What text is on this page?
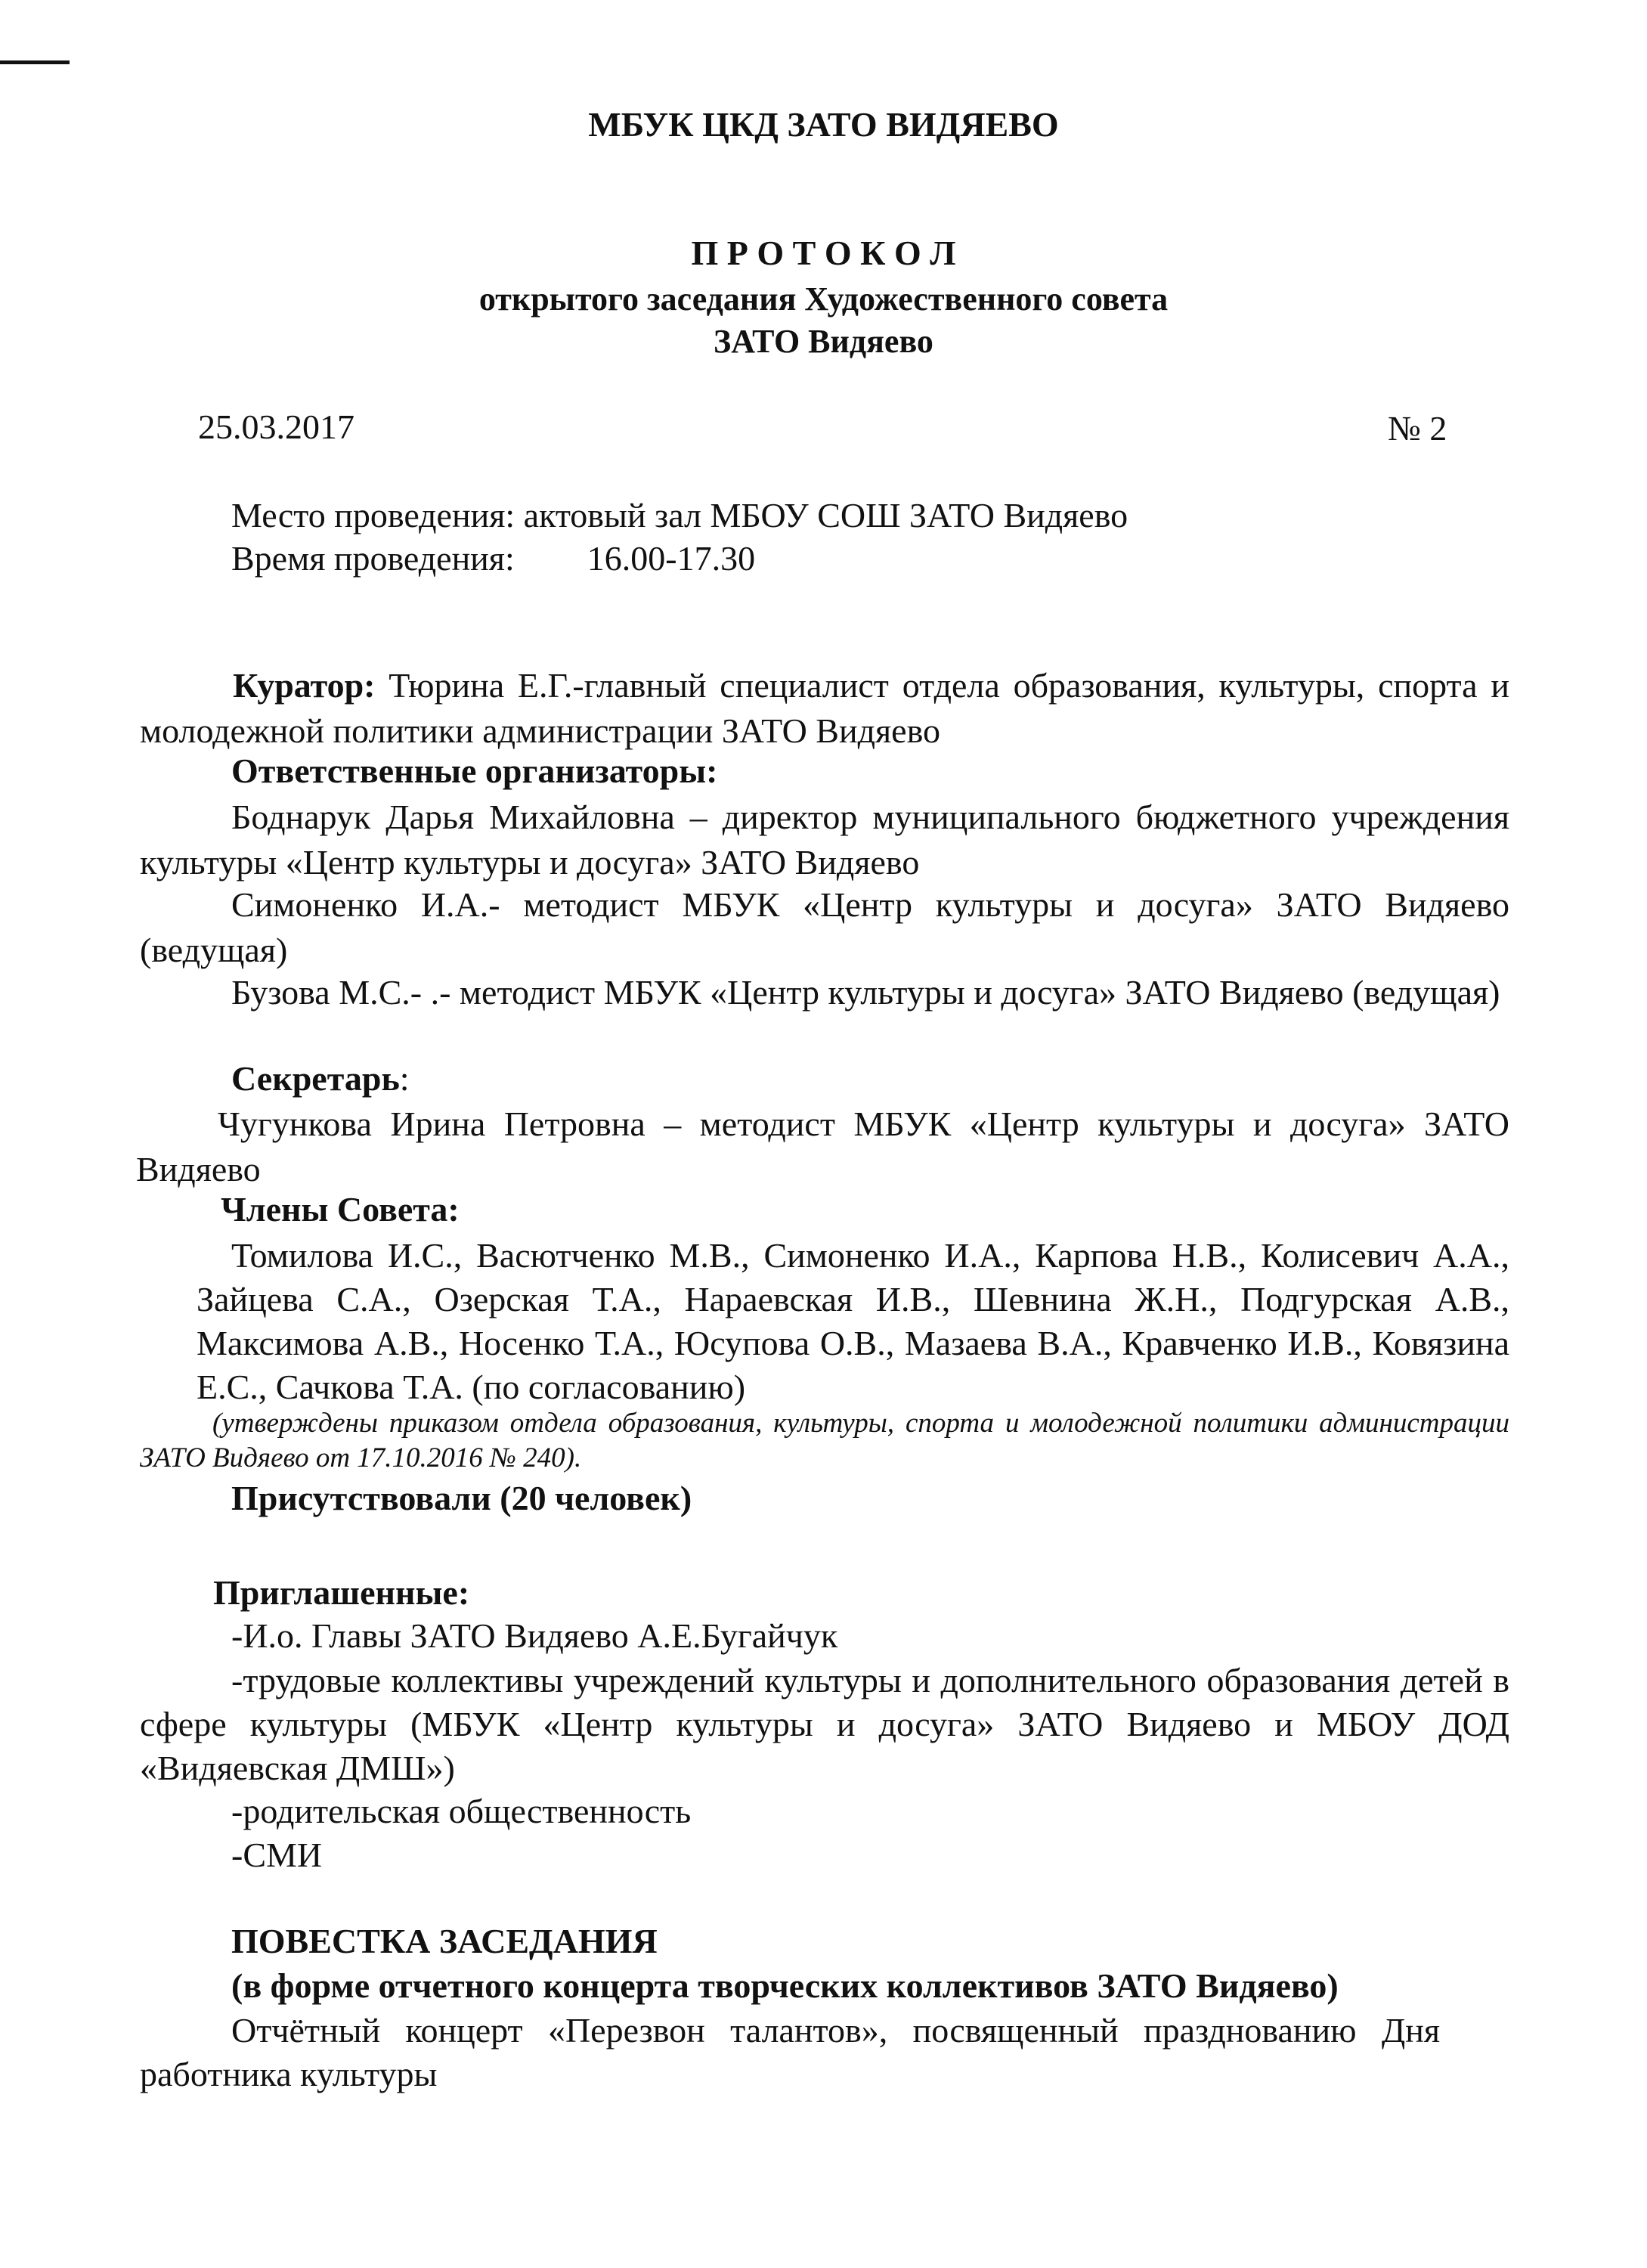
МБУК ЦКД ЗАТО ВИДЯЕВО
П Р О Т О К О Л
открытого заседания Художественного совета
ЗАТО Видяево
25.03.2017	№ 2
Место проведения: актовый зал МБОУ СОШ ЗАТО Видяево
Время проведения: 16.00-17.30
Куратор: Тюрина Е.Г.-главный специалист отдела образования, культуры, спорта и молодежной политики администрации ЗАТО Видяево
Ответственные организаторы:
Боднарук Дарья Михайловна – директор муниципального бюджетного учреждения культуры «Центр культуры и досуга» ЗАТО Видяево
Симоненко И.А.- методист МБУК «Центр культуры и досуга» ЗАТО Видяево (ведущая)
Бузова М.С.- .- методист МБУК «Центр культуры и досуга» ЗАТО Видяево (ведущая)
Секретарь:
Чугункова Ирина Петровна – методист МБУК «Центр культуры и досуга» ЗАТО Видяево
Члены Совета:
Томилова И.С., Васютченко М.В., Симоненко И.А., Карпова Н.В., Колисевич А.А., Зайцева С.А., Озерская Т.А., Нараевская И.В., Шевнина Ж.Н., Подгурская А.В., Максимова А.В., Носенко Т.А., Юсупова О.В., Мазаева В.А., Кравченко И.В., Ковязина Е.С., Сачкова Т.А. (по согласованию)
(утверждены приказом отдела образования, культуры, спорта и молодежной политики администрации ЗАТО Видяево от 17.10.2016 № 240).
Присутствовали (20 человек)
Приглашенные:
-И.о. Главы ЗАТО Видяево А.Е.Бугайчук
-трудовые коллективы учреждений культуры и дополнительного образования детей в сфере культуры (МБУК «Центр культуры и досуга» ЗАТО Видяево и МБОУ ДОД «Видяевская ДМШ»)
-родительская общественность
-СМИ
ПОВЕСТКА ЗАСЕДАНИЯ
(в форме отчетного концерта творческих коллективов ЗАТО Видяево)
Отчётный концерт «Перезвон талантов», посвященный празднованию Дня работника культуры
